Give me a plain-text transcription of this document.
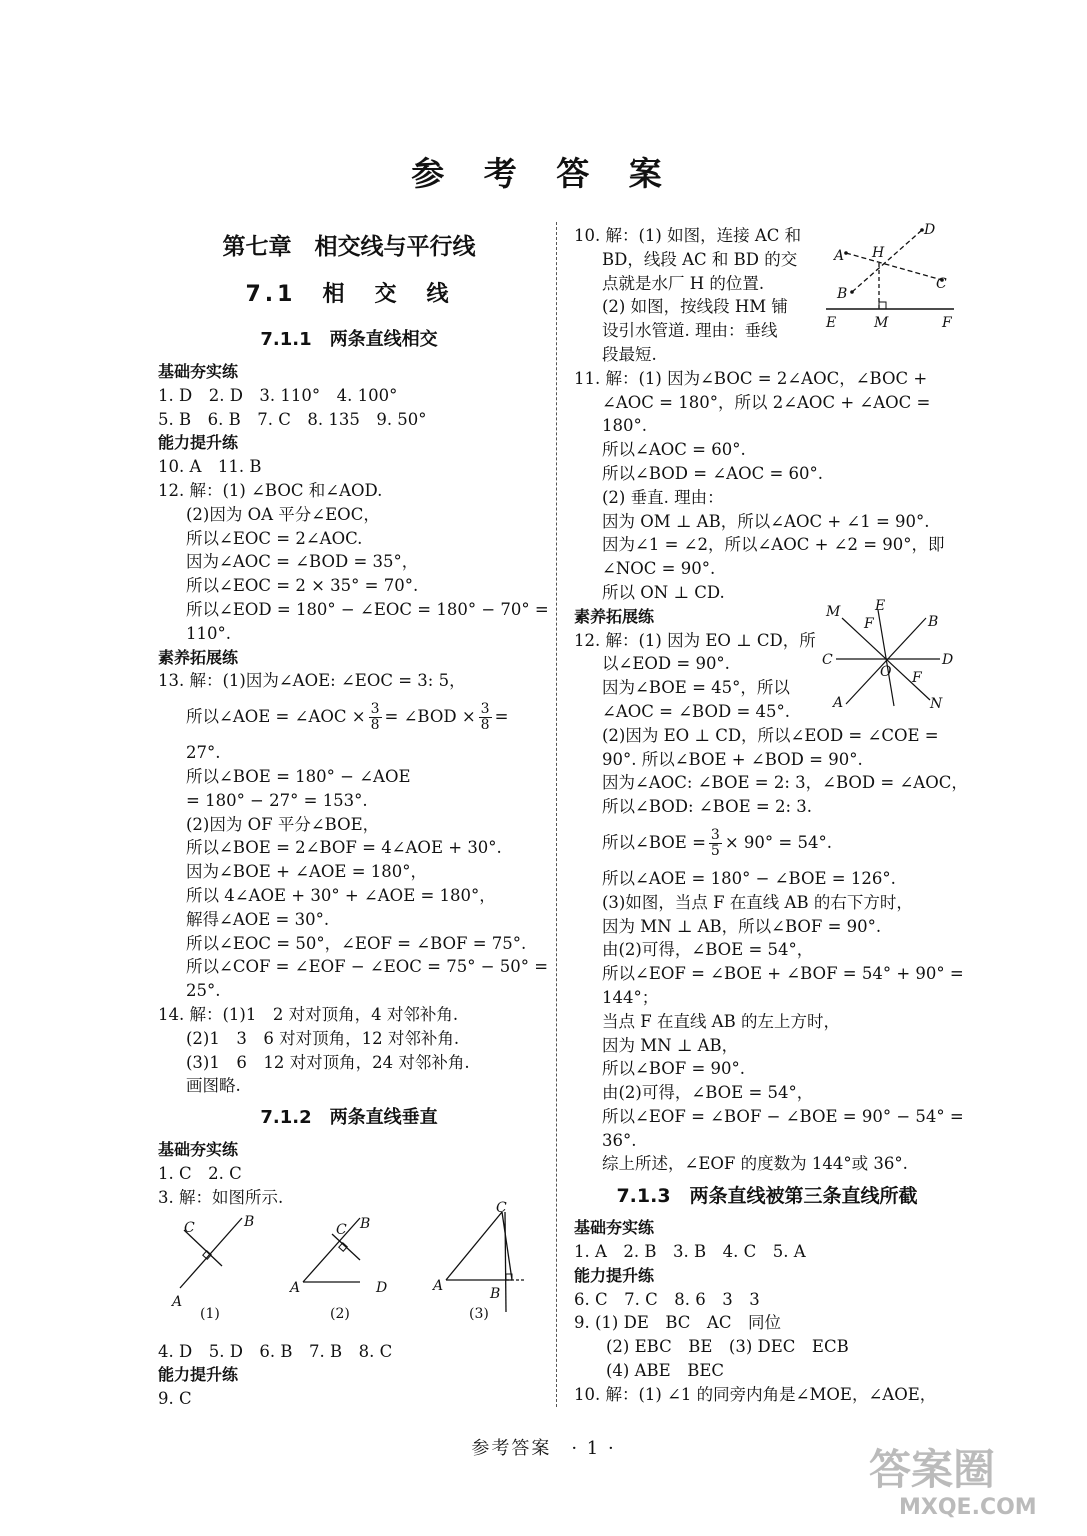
参 考 答 案
第七章　相交线与平行线
7.1　相　交　线
7.1.1　两条直线相交
基础夯实练
1. D　2. D　3. 110°　4. 100°
5. B　6. B　7. C　8. 135　9. 50°
能力提升练
10. A　11. B
12. 解：(1) ∠BOC 和∠AOD.
(2)因为 OA 平分∠EOC，
所以∠EOC = 2∠AOC.
因为∠AOC = ∠BOD = 35°，
所以∠EOC = 2 × 35° = 70°.
所以∠EOD = 180° − ∠EOC = 180° − 70° =
110°.
素养拓展练
13. 解：(1)因为∠AOE: ∠EOC = 3: 5，
所以∠AOE = ∠AOC × $\frac{3}{8}$ = ∠BOD × $\frac{3}{8}$ =
27°.
所以∠BOE = 180° − ∠AOE
= 180° − 27° = 153°.
(2)因为 OF 平分∠BOE，
所以∠BOE = 2∠BOF = 4∠AOE + 30°.
因为∠BOE + ∠AOE = 180°，
所以 4∠AOE + 30° + ∠AOE = 180°，
解得∠AOE = 30°.
所以∠EOC = 50°，∠EOF = ∠BOF = 75°.
所以∠COF = ∠EOF − ∠EOC = 75° − 50° =
25°.
14. 解：(1)1　2 对对顶角，4 对邻补角.
(2)1　3　6 对对顶角，12 对邻补角.
(3)1　6　12 对对顶角，24 对邻补角.
画图略.
7.1.2　两条直线垂直
基础夯实练
1. C　2. C
3. 解：如图所示.
4. D　5. D　6. B　7. B　8. C
能力提升练
9. C
10. 解：(1) 如图，连接 AC 和
BD，线段 AC 和 BD 的交
点就是水厂 H 的位置.
(2) 如图，按线段 HM 铺
设引水管道. 理由：垂线
段最短.
11. 解：(1) 因为∠BOC = 2∠AOC，∠BOC +
∠AOC = 180°，所以 2∠AOC + ∠AOC =
180°.
所以∠AOC = 60°.
所以∠BOD = ∠AOC = 60°.
(2) 垂直. 理由：
因为 OM ⊥ AB，所以∠AOC + ∠1 = 90°.
因为∠1 = ∠2，所以∠AOC + ∠2 = 90°，即
∠NOC = 90°.
所以 ON ⊥ CD.
素养拓展练
12. 解：(1) 因为 EO ⊥ CD，所
以∠EOD = 90°.
因为∠BOE = 45°，所以
∠AOC = ∠BOD = 45°.
(2)因为 EO ⊥ CD，所以∠EOD = ∠COE =
90°. 所以∠BOE + ∠BOD = 90°.
因为∠AOC: ∠BOE = 2: 3，∠BOD = ∠AOC，
所以∠BOD: ∠BOE = 2: 3.
所以∠BOE = $\frac{3}{5} \times 90^\circ = 54^\circ$.
所以∠AOE = 180° − ∠BOE = 126°.
(3)如图，当点 F 在直线 AB 的右下方时，
因为 MN ⊥ AB，所以∠BOF = 90°.
由(2)可得，∠BOE = 54°，
所以∠EOF = ∠BOE + ∠BOF = 54° + 90° =
144°；
当点 F 在直线 AB 的左上方时，
因为 MN ⊥ AB，
所以∠BOF = 90°.
由(2)可得，∠BOE = 54°，
所以∠EOF = ∠BOF − ∠BOE = 90° − 54° =
36°.
综上所述，∠EOF 的度数为 144°或 36°.
7.1.3　两条直线被第三条直线所截
基础夯实练
1. A　2. B　3. B　4. C　5. A
能力提升练
6. C　7. C　8. 6　3　3
9. (1) DE　BC　AC　同位
(2) EBC　BE　(3) DEC　ECB
(4) ABE　BEC
10. 解：(1) ∠1 的同旁内角是∠MOE，∠AOE，
A H
D
C
B
E	M	F
M E
B
F
C	D
O F
A	N
C	B
A
(1)
C B
A	D
(2)
C
A	B
(3)
参考答案　· 1 ·	答案圈
MXQE.COM
